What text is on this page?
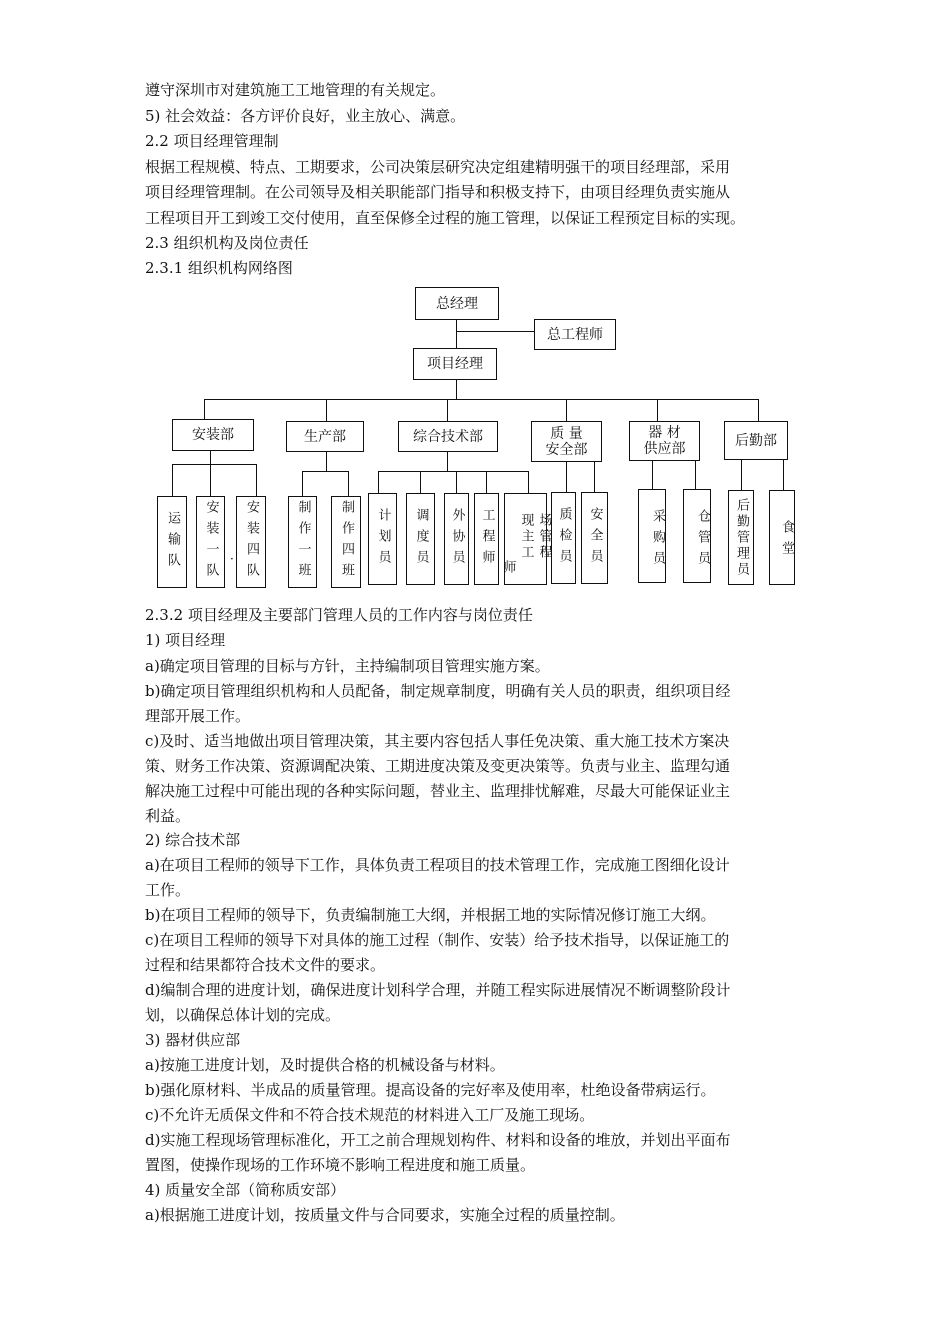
遵守深圳市对建筑施工工地管理的有关规定。
5) 社会效益：各方评价良好，业主放心、满意。
2.2 项目经理管理制
根据工程规模、特点、工期要求，公司决策层研究决定组建精明强干的项目经理部，采用
项目经理管理制。在公司领导及相关职能部门指导和积极支持下，由项目经理负责实施从
工程项目开工到竣工交付使用，直至保修全过程的施工管理，以保证工程预定目标的实现。
2.3 组织机构及岗位责任
2.3.1 组织机构网络图
总经理
总工程师
项目经理
安装部	生产部	综合技术部	质 量
安全部
器 材
供应部
后勤部
运输队 安装一队 · 安装四队	制作一班 制作四班 计划员 调度员 外协员 工程师	场管程
现主工
师	质检员 安全员	采购员 仓管员 后勤管理员 食堂
2.3.2 项目经理及主要部门管理人员的工作内容与岗位责任
1) 项目经理
a)确定项目管理的目标与方针，主持编制项目管理实施方案。
b)确定项目管理组织机构和人员配备，制定规章制度，明确有关人员的职责，组织项目经
理部开展工作。
c)及时、适当地做出项目管理决策，其主要内容包括人事任免决策、重大施工技术方案决
策、财务工作决策、资源调配决策、工期进度决策及变更决策等。负责与业主、监理勾通
解决施工过程中可能出现的各种实际问题，替业主、监理排忧解难，尽最大可能保证业主
利益。
2) 综合技术部
a)在项目工程师的领导下工作，具体负责工程项目的技术管理工作，完成施工图细化设计
工作。
b)在项目工程师的领导下，负责编制施工大纲，并根据工地的实际情况修订施工大纲。
c)在项目工程师的领导下对具体的施工过程（制作、安装）给予技术指导，以保证施工的
过程和结果都符合技术文件的要求。
d)编制合理的进度计划，确保进度计划科学合理，并随工程实际进展情况不断调整阶段计
划，以确保总体计划的完成。
3) 器材供应部
a)按施工进度计划，及时提供合格的机械设备与材料。
b)强化原材料、半成品的质量管理。提高设备的完好率及使用率，杜绝设备带病运行。
c)不允许无质保文件和不符合技术规范的材料进入工厂及施工现场。
d)实施工程现场管理标准化，开工之前合理规划构件、材料和设备的堆放，并划出平面布
置图，使操作现场的工作环境不影响工程进度和施工质量。
4) 质量安全部（简称质安部）
a)根据施工进度计划，按质量文件与合同要求，实施全过程的质量控制。
